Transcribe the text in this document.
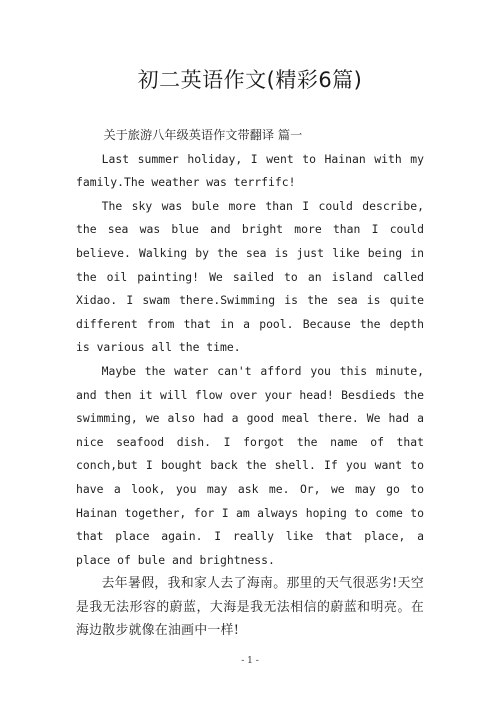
初二英语作文(精彩6篇)

关于旅游八年级英语作文带翻译 篇一

Last summer holiday, I went to Hainan with my family.The weather was terrfifc!

The sky was bule more than I could describe, the sea was blue and bright more than I could believe. Walking by the sea is just like being in the oil painting! We sailed to an island called Xidao. I swam there.Swimming is the sea is quite different from that in a pool. Because the depth is various all the time.

Maybe the water can't afford you this minute, and then it will flow over your head! Besdieds the swimming, we also had a good meal there. We had a nice seafood dish. I forgot the name of that conch,but I bought back the shell. If you want to have a look, you may ask me. Or, we may go to Hainan together, for I am always hoping to come to that place again. I really like that place, a place of bule and brightness.

去年暑假，我和家人去了海南。那里的天气很恶劣!天空是我无法形容的蔚蓝，大海是我无法相信的蔚蓝和明亮。在海边散步就像在油画中一样!

- 1 -
